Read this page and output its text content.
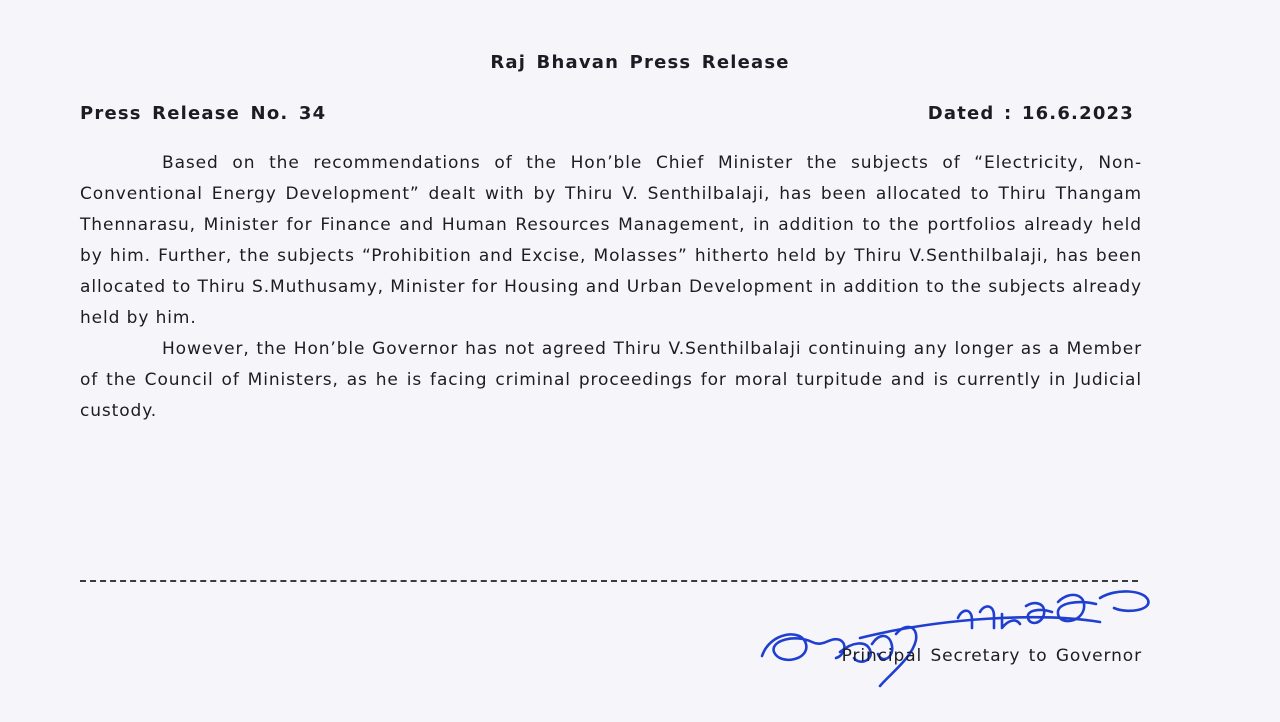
Raj Bhavan Press Release
Press Release No. 34	Dated : 16.6.2023

Based on the recommendations of the Hon’ble Chief Minister the subjects of “Electricity, Non-Conventional Energy Development” dealt with by Thiru V. Senthilbalaji, has been allocated to Thiru Thangam Thennarasu, Minister for Finance and Human Resources Management, in addition to the portfolios already held by him. Further, the subjects “Prohibition and Excise, Molasses” hitherto held by Thiru V.Senthilbalaji, has been allocated to Thiru S.Muthusamy, Minister for Housing and Urban Development in addition to the subjects already held by him.

However, the Hon’ble Governor has not agreed Thiru V.Senthilbalaji continuing any longer as a Member of the Council of Ministers, as he is facing criminal proceedings for moral turpitude and is currently in Judicial custody.

Principal Secretary to Governor
